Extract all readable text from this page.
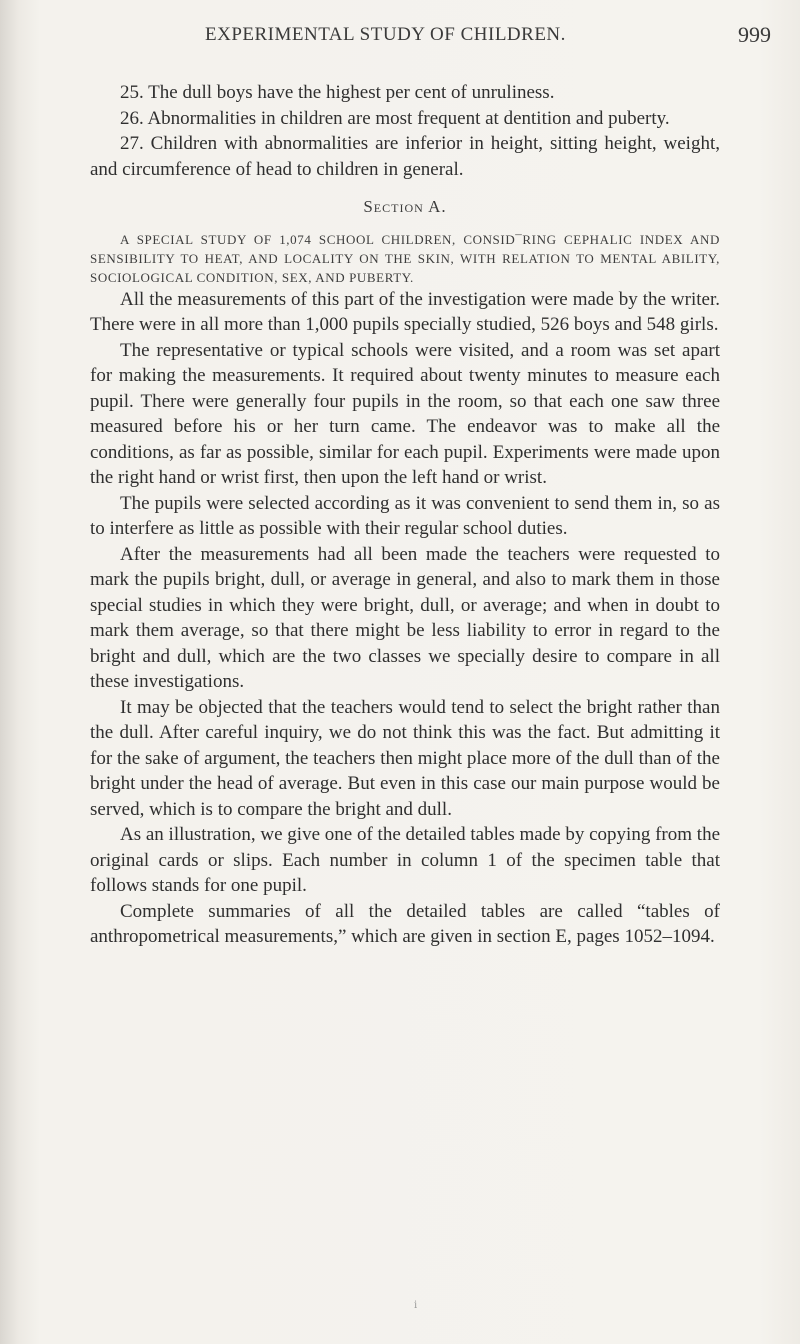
EXPERIMENTAL STUDY OF CHILDREN.	999

25. The dull boys have the highest per cent of unruliness.

26. Abnormalities in children are most frequent at dentition and puberty.

27. Children with abnormalities are inferior in height, sitting height, weight, and circumference of head to children in general.

Section A.

A SPECIAL STUDY OF 1,074 SCHOOL CHILDREN, CONSID¯RING CEPHALIC INDEX AND SENSIBILITY TO HEAT, AND LOCALITY ON THE SKIN, WITH RELATION TO MENTAL ABILITY, SOCIOLOGICAL CONDITION, SEX, AND PUBERTY.

All the measurements of this part of the investigation were made by the writer. There were in all more than 1,000 pupils specially studied, 526 boys and 548 girls.

The representative or typical schools were visited, and a room was set apart for making the measurements. It required about twenty minutes to measure each pupil. There were generally four pupils in the room, so that each one saw three measured before his or her turn came. The endeavor was to make all the conditions, as far as possible, similar for each pupil. Experiments were made upon the right hand or wrist first, then upon the left hand or wrist.

The pupils were selected according as it was convenient to send them in, so as to interfere as little as possible with their regular school duties.

After the measurements had all been made the teachers were requested to mark the pupils bright, dull, or average in general, and also to mark them in those special studies in which they were bright, dull, or average; and when in doubt to mark them average, so that there might be less liability to error in regard to the bright and dull, which are the two classes we specially desire to compare in all these investigations.

It may be objected that the teachers would tend to select the bright rather than the dull. After careful inquiry, we do not think this was the fact. But admitting it for the sake of argument, the teachers then might place more of the dull than of the bright under the head of average. But even in this case our main purpose would be served, which is to compare the bright and dull.

As an illustration, we give one of the detailed tables made by copying from the original cards or slips. Each number in column 1 of the specimen table that follows stands for one pupil.

Complete summaries of all the detailed tables are called “tables of anthropometrical measurements,” which are given in section E, pages 1052–1094.

i
